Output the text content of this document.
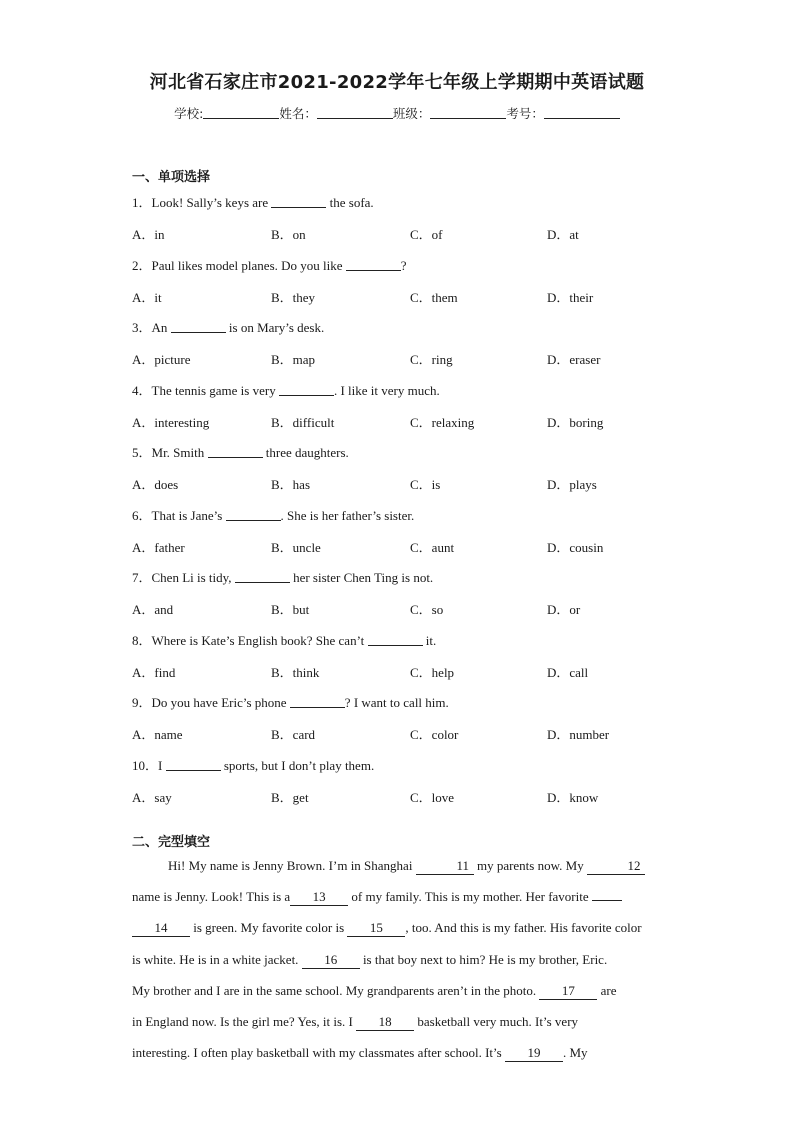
河北省石家庄市2021-2022学年七年级上学期期中英语试题
学校:	姓名：	班级：	考号：
一、单项选择
1．Look! Sally’s keys are	the sofa.
A．in	B．on	C．of	D．at
2．Paul likes model planes. Do you like	?
A．it	B．they	C．them	D．their
3．An	is on Mary’s desk.
A．picture	B．map	C．ring	D．eraser
4．The tennis game is very	. I like it very much.
A．interesting	B．difficult	C．relaxing	D．boring
5．Mr. Smith	three daughters.
A．does	B．has	C．is	D．plays
6．That is Jane’s	. She is her father’s sister.
A．father	B．uncle	C．aunt	D．cousin
7．Chen Li is tidy,	her sister Chen Ting is not.
A．and	B．but	C．so	D．or
8．Where is Kate’s English book? She can’t	it.
A．find	B．think	C．help	D．call
9．Do you have Eric’s phone	? I want to call him.
A．name	B．card	C．color	D．number
10．I	sports, but I don’t play them.
A．say	B．get	C．love	D．know
二、完型填空
Hi! My name is Jenny Brown. I’m in Shanghai	11 my parents now. My	12
name is Jenny. Look! This is a 13 of my family. This is my mother. Her favorite
14 is green. My favorite color is 15 , too. And this is my father. His favorite color
is white. He is in a white jacket. 16 is that boy next to him? He is my brother, Eric.
My brother and I are in the same school. My grandparents aren’t in the photo. 17 are
in England now. Is the girl me? Yes, it is. I 18 basketball very much. It’s very
interesting. I often play basketball with my classmates after school. It’s 19 . My
